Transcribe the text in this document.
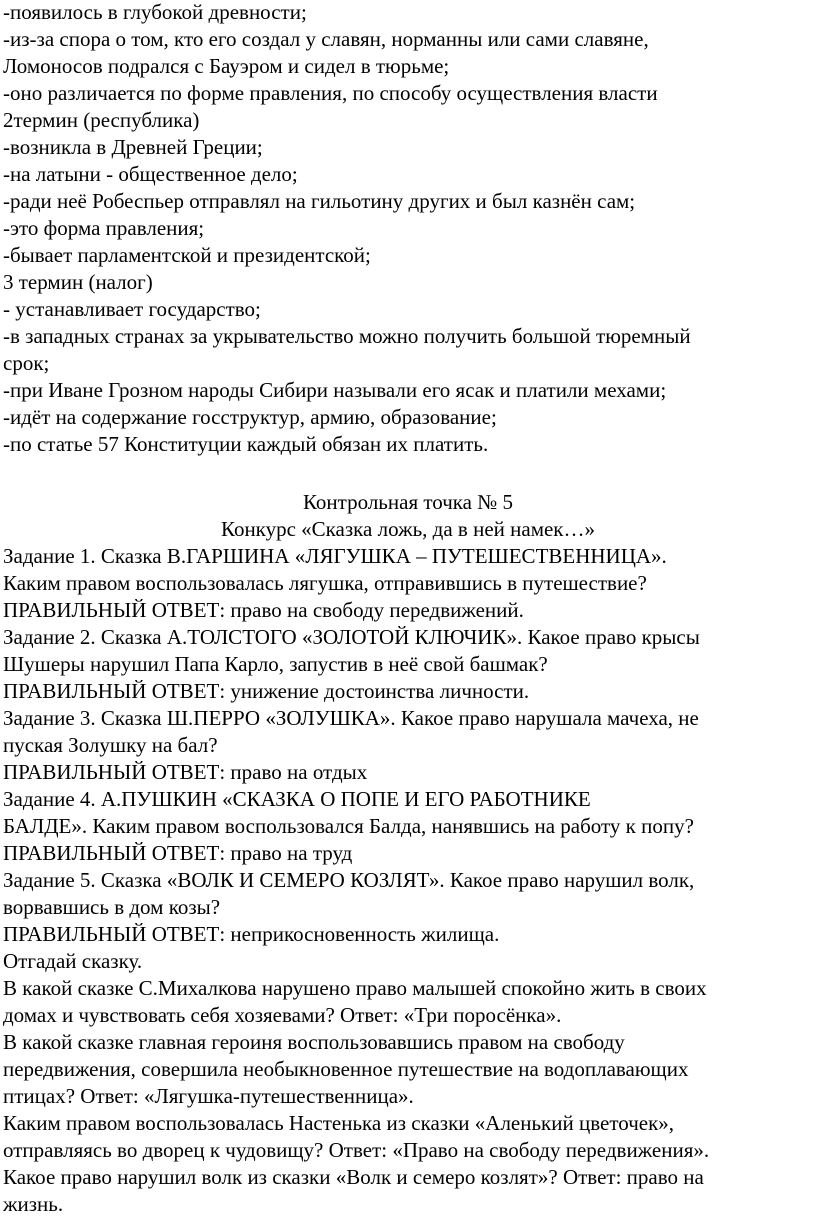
-появилось в глубокой древности;
-из-за спора о том, кто его создал у славян, норманны или сами славяне,
Ломоносов подрался с Бауэром и сидел в тюрьме;
-оно различается по форме правления, по способу осуществления власти
2термин (республика)
-возникла в Древней Греции;
-на латыни - общественное дело;
-ради неё Робеспьер отправлял на гильотину других и был казнён сам;
-это форма правления;
-бывает парламентской и президентской;
3 термин (налог)
- устанавливает государство;
-в западных странах за укрывательство можно получить большой тюремный
срок;
-при Иване Грозном народы Сибири называли его ясак и платили мехами;
-идёт на содержание госструктур, армию, образование;
-по статье 57 Конституции каждый обязан их платить.
Контрольная точка № 5
Конкурс «Сказка ложь, да в ней намек…»
Задание 1. Сказка В.ГАРШИНА «ЛЯГУШКА – ПУТЕШЕСТВЕННИЦА».
Каким правом воспользовалась лягушка, отправившись в путешествие?
ПРАВИЛЬНЫЙ ОТВЕТ: право на свободу передвижений.
Задание 2. Сказка А.ТОЛСТОГО «ЗОЛОТОЙ КЛЮЧИК». Какое право крысы
Шушеры нарушил Папа Карло, запустив в неё свой башмак?
ПРАВИЛЬНЫЙ ОТВЕТ: унижение достоинства личности.
Задание 3. Сказка Ш.ПЕРРО «ЗОЛУШКА». Какое право нарушала мачеха, не
пуская Золушку на бал?
ПРАВИЛЬНЫЙ ОТВЕТ: право на отдых
Задание 4. А.ПУШКИН «СКАЗКА О ПОПЕ И ЕГО РАБОТНИКЕ
БАЛДЕ». Каким правом воспользовался Балда, нанявшись на работу к попу?
ПРАВИЛЬНЫЙ ОТВЕТ: право на труд
Задание 5. Сказка «ВОЛК И СЕМЕРО КОЗЛЯТ». Какое право нарушил волк,
ворвавшись в дом козы?
ПРАВИЛЬНЫЙ ОТВЕТ: неприкосновенность жилища.
Отгадай сказку.
В какой сказке С.Михалкова нарушено право малышей спокойно жить в своих
домах и чувствовать себя хозяевами? Ответ: «Три поросёнка».
В какой сказке главная героиня воспользовавшись правом на свободу
передвижения, совершила необыкновенное путешествие на водоплавающих
птицах? Ответ: «Лягушка-путешественница».
Каким правом воспользовалась Настенька из сказки «Аленький цветочек»,
отправляясь во дворец к чудовищу? Ответ: «Право на свободу передвижения».
Какое право нарушил волк из сказки «Волк и семеро козлят»? Ответ: право на
жизнь.
